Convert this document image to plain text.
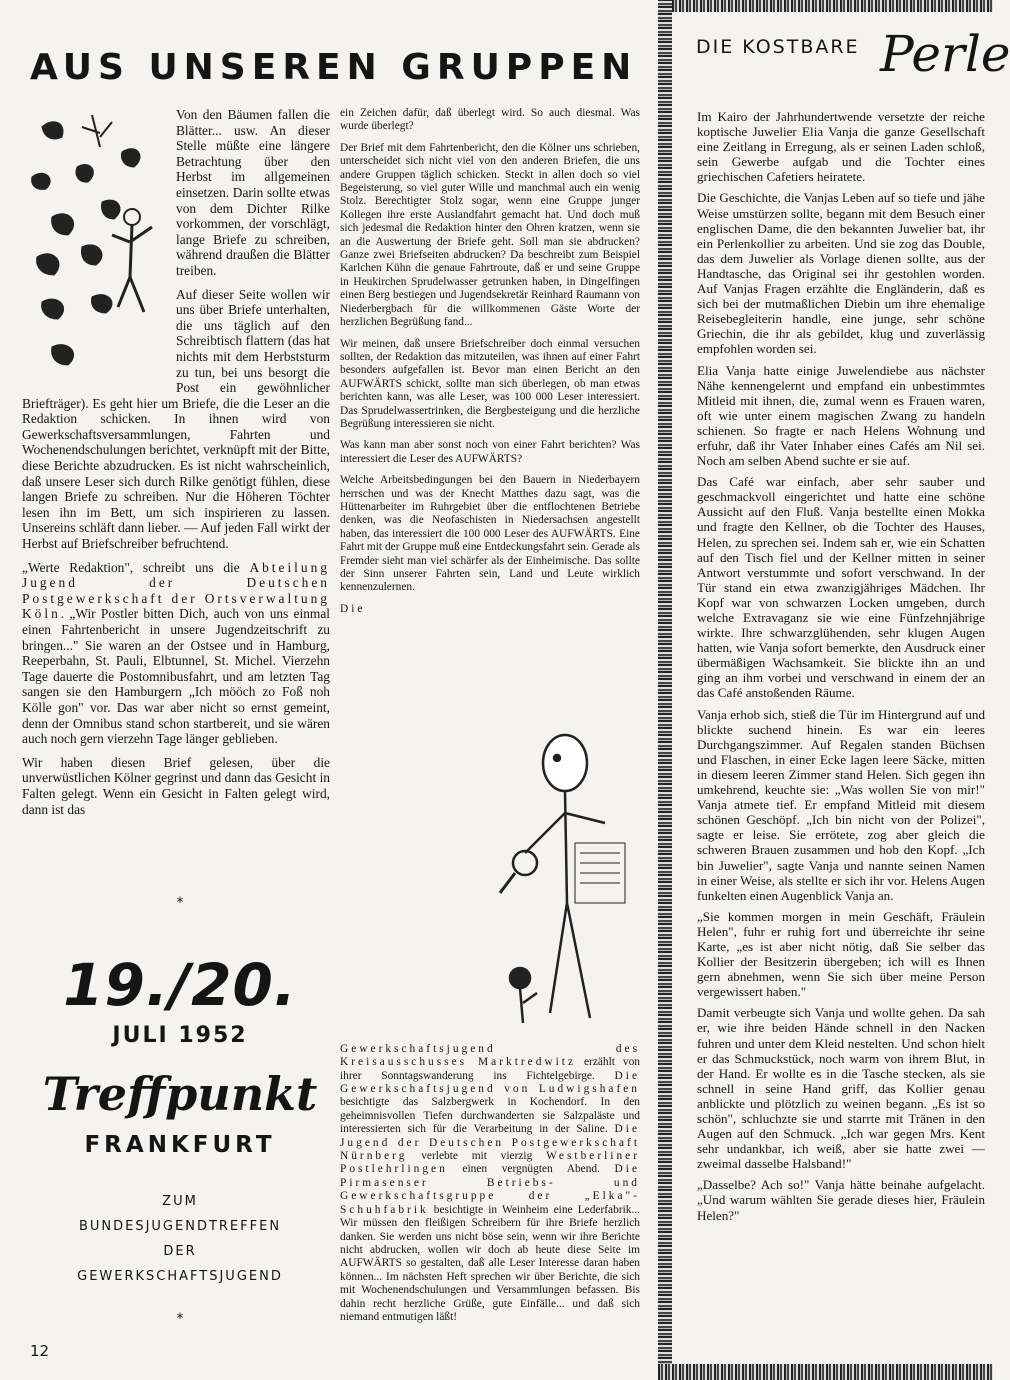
AUS UNSEREN GRUPPEN

Von den Bäumen fallen die Blätter... usw. An dieser Stelle müßte eine längere Betrachtung über den Herbst im allgemeinen einsetzen. Darin sollte etwas von dem Dichter Rilke vorkommen, der vorschlägt, lange Briefe zu schreiben, während draußen die Blätter treiben.

Auf dieser Seite wollen wir uns über Briefe unterhalten, die uns täglich auf den Schreibtisch flattern (das hat nichts mit dem Herbststurm zu tun, bei uns besorgt die Post ein gewöhnlicher Briefträger). Es geht hier um Briefe, die die Leser an die Redaktion schicken. In ihnen wird von Gewerkschaftsversammlungen, Fahrten und Wochenendschulungen berichtet, verknüpft mit der Bitte, diese Berichte abzudrucken. Es ist nicht wahrscheinlich, daß unsere Leser sich durch Rilke genötigt fühlen, diese langen Briefe zu schreiben. Nur die Höheren Töchter lesen ihn im Bett, um sich inspirieren zu lassen. Unsereins schläft dann lieber. — Auf jeden Fall wirkt der Herbst auf Briefschreiber befruchtend.

„Werte Redaktion", schreibt uns die Abteilung Jugend der Deutschen Postgewerkschaft der Ortsverwaltung Köln. „Wir Postler bitten Dich, auch von uns einmal einen Fahrtenbericht in unsere Jugendzeitschrift zu bringen..." Sie waren an der Ostsee und in Hamburg, Reeperbahn, St. Pauli, Elbtunnel, St. Michel. Vierzehn Tage dauerte die Postomnibusfahrt, und am letzten Tag sangen sie den Hamburgern „Ich mööch zo Foß noh Kölle gon" vor. Das war aber nicht so ernst gemeint, denn der Omnibus stand schon startbereit, und sie wären auch noch gern vierzehn Tage länger geblieben.

Wir haben diesen Brief gelesen, über die unverwüstlichen Kölner gegrinst und dann das Gesicht in Falten gelegt. Wenn ein Gesicht in Falten gelegt wird, dann ist das

ein Zeichen dafür, daß überlegt wird. So auch diesmal. Was wurde überlegt?

Der Brief mit dem Fahrtenbericht, den die Kölner uns schrieben, unterscheidet sich nicht viel von den anderen Briefen, die uns andere Gruppen täglich schicken. Steckt in allen doch so viel Begeisterung, so viel guter Wille und manchmal auch ein wenig Stolz. Berechtigter Stolz sogar, wenn eine Gruppe junger Kollegen ihre erste Auslandfahrt gemacht hat. Und doch muß sich jedesmal die Redaktion hinter den Ohren kratzen, wenn sie an die Auswertung der Briefe geht. Soll man sie abdrucken? Ganze zwei Briefseiten abdrucken? Da beschreibt zum Beispiel Karlchen Kühn die genaue Fahrtroute, daß er und seine Gruppe in Heukirchen Sprudelwasser getrunken haben, in Dingelfingen einen Berg bestiegen und Jugendsekretär Reinhard Raumann von Niederbergbach für die willkommenen Gäste Worte der herzlichen Begrüßung fand...

Wir meinen, daß unsere Briefschreiber doch einmal versuchen sollten, der Redaktion das mitzuteilen, was ihnen auf einer Fahrt besonders aufgefallen ist. Bevor man einen Bericht an den AUFWÄRTS schickt, sollte man sich überlegen, ob man etwas berichten kann, was alle Leser, was 100 000 Leser interessiert. Das Sprudelwassertrinken, die Bergbesteigung und die herzliche Begrüßung interessieren sie nicht.

Was kann man aber sonst noch von einer Fahrt berichten? Was interessiert die Leser des AUFWÄRTS?

Welche Arbeitsbedingungen bei den Bauern in Niederbayern herrschen und was der Knecht Matthes dazu sagt, was die Hüttenarbeiter im Ruhrgebiet über die entflochtenen Betriebe denken, was die Neofaschisten in Niedersachsen angestellt haben, das interessiert die 100 000 Leser des AUFWÄRTS. Eine Fahrt mit der Gruppe muß eine Entdeckungsfahrt sein. Gerade als Fremder sieht man viel schärfer als der Einheimische. Das sollte der Sinn unserer Fahrten sein, Land und Leute wirklich kennenzulernen.

Die Gewerkschaftsjugend des Kreisausschusses Marktredwitz erzählt von ihrer Sonntagswanderung ins Fichtelgebirge. Die Gewerkschaftsjugend von Ludwigshafen besichtigte das Salzbergwerk in Kochendorf. In den geheimnisvollen Tiefen durchwanderten sie Salzpaläste und interessierten sich für die Verarbeitung in der Saline. Die Jugend der Deutschen Postgewerkschaft Nürnberg verlebte mit vierzig Westberliner Postlehrlingen einen vergnügten Abend. Die Pirmasenser Betriebs- und Gewerkschaftsgruppe der „Elka"-Schuhfabrik besichtigte in Weinheim eine Lederfabrik... Wir müssen den fleißigen Schreibern für ihre Briefe herzlich danken. Sie werden uns nicht böse sein, wenn wir ihre Berichte nicht abdrucken, wollen wir doch ab heute diese Seite im AUFWÄRTS so gestalten, daß alle Leser Interesse daran haben können... Im nächsten Heft sprechen wir über Berichte, die sich mit Wochenendschulungen und Versammlungen befassen. Bis dahin recht herzliche Grüße, gute Einfälle... und daß sich niemand entmutigen läßt!

*
19./20.
JULI 1952
Treffpunkt
FRANKFURT
ZUM
BUNDESJUGENDTREFFEN
DER
GEWERKSCHAFTSJUGEND
*
DIE KOSTBARE Perle

Im Kairo der Jahrhundertwende versetzte der reiche koptische Juwelier Elia Vanja die ganze Gesellschaft eine Zeitlang in Erregung, als er seinen Laden schloß, sein Gewerbe aufgab und die Tochter eines griechischen Cafetiers heiratete.

Die Geschichte, die Vanjas Leben auf so tiefe und jähe Weise umstürzen sollte, begann mit dem Besuch einer englischen Dame, die den bekannten Juwelier bat, ihr ein Perlenkollier zu arbeiten. Und sie zog das Double, das dem Juwelier als Vorlage dienen sollte, aus der Handtasche, das Original sei ihr gestohlen worden. Auf Vanjas Fragen erzählte die Engländerin, daß es sich bei der mutmaßlichen Diebin um ihre ehemalige Reisebegleiterin handle, eine junge, sehr schöne Griechin, die ihr als gebildet, klug und zuverlässig empfohlen worden sei.

Elia Vanja hatte einige Juwelendiebe aus nächster Nähe kennengelernt und empfand ein unbestimmtes Mitleid mit ihnen, die, zumal wenn es Frauen waren, oft wie unter einem magischen Zwang zu handeln schienen. So fragte er nach Helens Wohnung und erfuhr, daß ihr Vater Inhaber eines Cafés am Nil sei. Noch am selben Abend suchte er sie auf.

Das Café war einfach, aber sehr sauber und geschmackvoll eingerichtet und hatte eine schöne Aussicht auf den Fluß. Vanja bestellte einen Mokka und fragte den Kellner, ob die Tochter des Hauses, Helen, zu sprechen sei. Indem sah er, wie ein Schatten auf den Tisch fiel und der Kellner mitten in seiner Antwort verstummte und sofort verschwand. In der Tür stand ein etwa zwanzigjähriges Mädchen. Ihr Kopf war von schwarzen Locken umgeben, durch welche Extravaganz sie wie eine Fünfzehnjährige wirkte. Ihre schwarzglühenden, sehr klugen Augen hatten, wie Vanja sofort bemerkte, den Ausdruck einer übermäßigen Wachsamkeit. Sie blickte ihn an und ging an ihm vorbei und verschwand in einem der an das Café anstoßenden Räume.

Vanja erhob sich, stieß die Tür im Hintergrund auf und blickte suchend hinein. Es war ein leeres Durchgangszimmer. Auf Regalen standen Büchsen und Flaschen, in einer Ecke lagen leere Säcke, mitten in diesem leeren Zimmer stand Helen. Sich gegen ihn umkehrend, keuchte sie: „Was wollen Sie von mir!" Vanja atmete tief. Er empfand Mitleid mit diesem schönen Geschöpf. „Ich bin nicht von der Polizei", sagte er leise. Sie errötete, zog aber gleich die schweren Brauen zusammen und hob den Kopf. „Ich bin Juwelier", sagte Vanja und nannte seinen Namen in einer Weise, als stellte er sich ihr vor. Helens Augen funkelten einen Augenblick Vanja an.

„Sie kommen morgen in mein Geschäft, Fräulein Helen", fuhr er ruhig fort und überreichte ihr seine Karte, „es ist aber nicht nötig, daß Sie selber das Kollier der Besitzerin übergeben; ich will es Ihnen gern abnehmen, wenn Sie sich über meine Person vergewissert haben."

Damit verbeugte sich Vanja und wollte gehen. Da sah er, wie ihre beiden Hände schnell in den Nacken fuhren und unter dem Kleid nestelten. Und schon hielt er das Schmuckstück, noch warm von ihrem Blut, in der Hand. Er wollte es in die Tasche stecken, als sie schnell in seine Hand griff, das Kollier genau anblickte und plötzlich zu weinen begann. „Es ist so schön", schluchzte sie und starrte mit Tränen in den Augen auf den Schmuck. „Ich war gegen Mrs. Kent sehr undankbar, ich weiß, aber sie hatte zwei — zweimal dasselbe Halsband!"

„Dasselbe? Ach so!" Vanja hätte beinahe aufgelacht. „Und warum wählten Sie gerade dieses hier, Fräulein Helen?"

12
